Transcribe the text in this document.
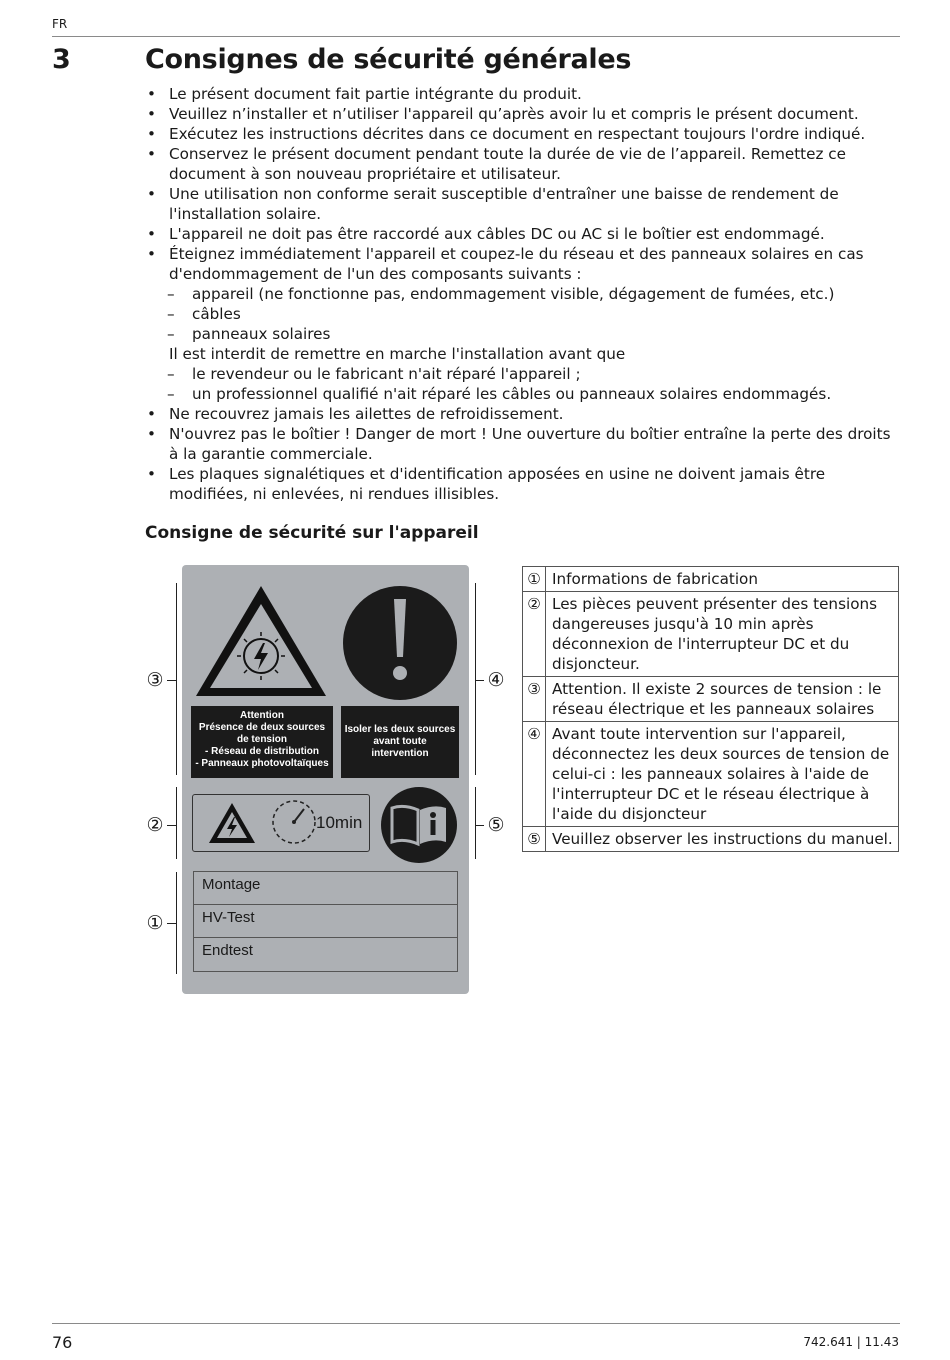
FR
3	Consignes de sécurité générales
• Le présent document fait partie intégrante du produit.
• Veuillez n’installer et n’utiliser l'appareil qu’après avoir lu et compris le présent document.
• Exécutez les instructions décrites dans ce document en respectant toujours l'ordre indiqué.
• Conservez le présent document pendant toute la durée de vie de l’appareil. Remettez ce document à son nouveau propriétaire et utilisateur.
• Une utilisation non conforme serait susceptible d'entraîner une baisse de rendement de l'installation solaire.
• L'appareil ne doit pas être raccordé aux câbles DC ou AC si le boîtier est endommagé.
• Éteignez immédiatement l'appareil et coupez-le du réseau et des panneaux solaires en cas d'endommagement de l'un des composants suivants :
– appareil (ne fonctionne pas, endommagement visible, dégagement de fumées, etc.)
– câbles
– panneaux solaires
Il est interdit de remettre en marche l'installation avant que
– le revendeur ou le fabricant n'ait réparé l'appareil ;
– un professionnel qualifié n'ait réparé les câbles ou panneaux solaires endommagés.
• Ne recouvrez jamais les ailettes de refroidissement.
• N'ouvrez pas le boîtier ! Danger de mort ! Une ouverture du boîtier entraîne la perte des droits à la garantie commerciale.
• Les plaques signalétiques et d'identification apposées en usine ne doivent jamais être modifiées, ni enlevées, ni rendues illisibles.
Consigne de sécurité sur l'appareil
③
②
①
④
⑤
Attention
Présence de deux sources
de tension
- Réseau de distribution
- Panneaux photovoltaïques
Isoler les deux sources
avant toute
intervention
10min
Montage
HV-Test
Endtest
①	Informations de fabrication
②	Les pièces peuvent présenter des tensions dangereuses jusqu'à 10 min après déconnexion de l'interrupteur DC et du disjoncteur.
③	Attention. Il existe 2 sources de tension : le réseau électrique et les panneaux solaires
④	Avant toute intervention sur l'appareil, déconnectez les deux sources de tension de celui-ci : les panneaux solaires à l'aide de l'interrupteur DC et le réseau électrique à l'aide du disjoncteur
⑤	Veuillez observer les instructions du manuel.
76	742.641 | 11.43
